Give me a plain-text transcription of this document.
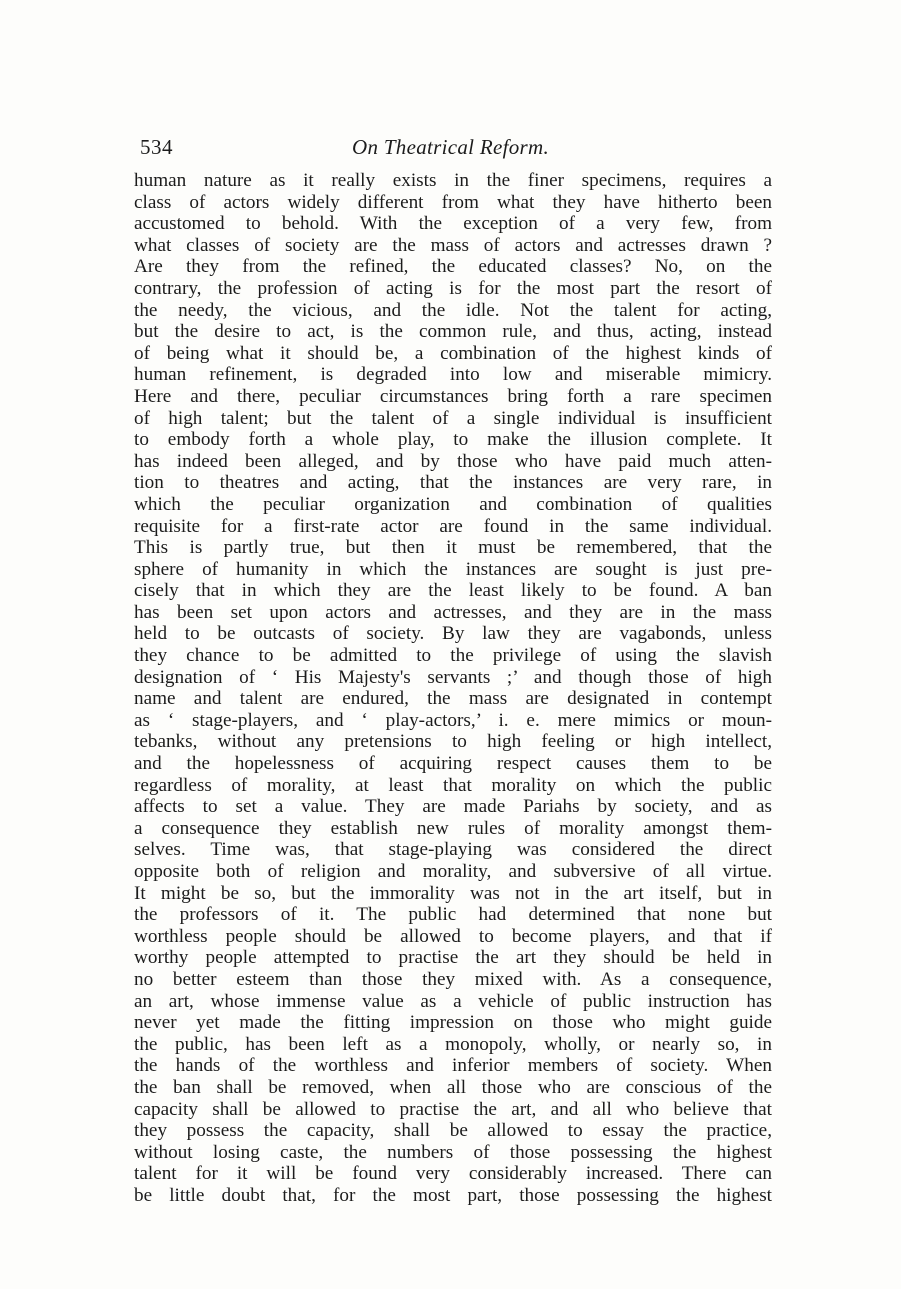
534	On Theatrical Reform.
human nature as it really exists in the finer specimens, requires a
class of actors widely different from what they have hitherto been
accustomed to behold. With the exception of a very few, from
what classes of society are the mass of actors and actresses drawn ?
Are they from the refined, the educated classes? No, on the
contrary, the profession of acting is for the most part the resort of
the needy, the vicious, and the idle. Not the talent for acting,
but the desire to act, is the common rule, and thus, acting, instead
of being what it should be, a combination of the highest kinds of
human refinement, is degraded into low and miserable mimicry.
Here and there, peculiar circumstances bring forth a rare specimen
of high talent; but the talent of a single individual is insufficient
to embody forth a whole play, to make the illusion complete. It
has indeed been alleged, and by those who have paid much atten-
tion to theatres and acting, that the instances are very rare, in
which the peculiar organization and combination of qualities
requisite for a first-rate actor are found in the same individual.
This is partly true, but then it must be remembered, that the
sphere of humanity in which the instances are sought is just pre-
cisely that in which they are the least likely to be found. A ban
has been set upon actors and actresses, and they are in the mass
held to be outcasts of society. By law they are vagabonds, unless
they chance to be admitted to the privilege of using the slavish
designation of ‘ His Majesty's servants ;’ and though those of high
name and talent are endured, the mass are designated in contempt
as ‘ stage-players, and ‘ play-actors,’ i. e. mere mimics or moun-
tebanks, without any pretensions to high feeling or high intellect,
and the hopelessness of acquiring respect causes them to be
regardless of morality, at least that morality on which the public
affects to set a value. They are made Pariahs by society, and as
a consequence they establish new rules of morality amongst them-
selves. Time was, that stage-playing was considered the direct
opposite both of religion and morality, and subversive of all virtue.
It might be so, but the immorality was not in the art itself, but in
the professors of it. The public had determined that none but
worthless people should be allowed to become players, and that if
worthy people attempted to practise the art they should be held in
no better esteem than those they mixed with. As a consequence,
an art, whose immense value as a vehicle of public instruction has
never yet made the fitting impression on those who might guide
the public, has been left as a monopoly, wholly, or nearly so, in
the hands of the worthless and inferior members of society. When
the ban shall be removed, when all those who are conscious of the
capacity shall be allowed to practise the art, and all who believe that
they possess the capacity, shall be allowed to essay the practice,
without losing caste, the numbers of those possessing the highest
talent for it will be found very considerably increased. There can
be little doubt that, for the most part, those possessing the highest
